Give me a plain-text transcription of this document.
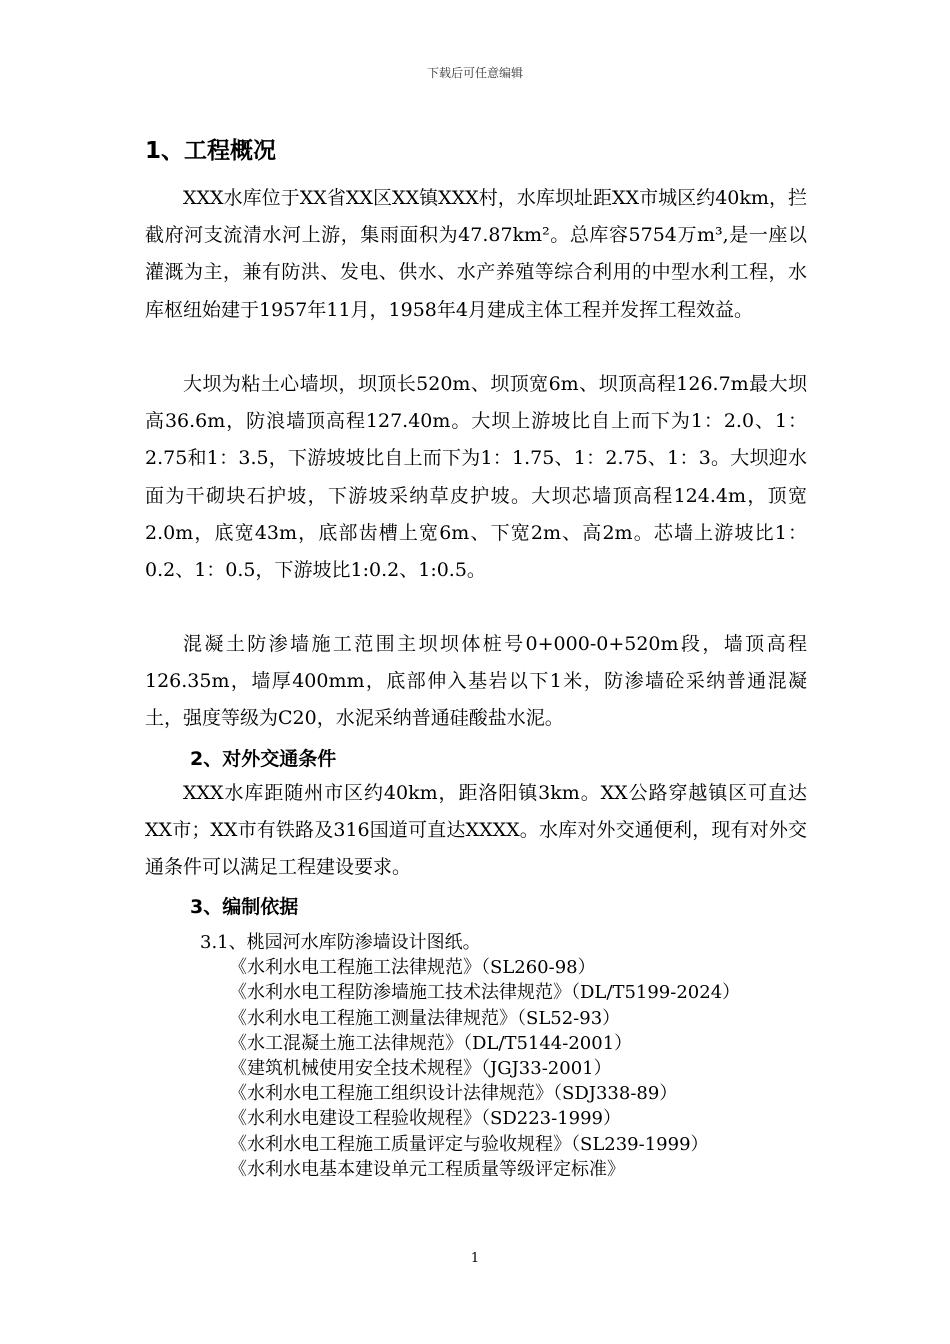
下载后可任意编辑
1、工程概况

XXX水库位于XX省XX区XX镇XXX村，水库坝址距XX市城区约40km，拦截府河支流清水河上游，集雨面积为47.87km²。总库容5754万m³,是一座以灌溉为主，兼有防洪、发电、供水、水产养殖等综合利用的中型水利工程，水库枢纽始建于1957年11月，1958年4月建成主体工程并发挥工程效益。

大坝为粘土心墙坝，坝顶长520m、坝顶宽6m、坝顶高程126.7m最大坝高36.6m，防浪墙顶高程127.40m。大坝上游坡比自上而下为1：2.0、1：2.75和1：3.5，下游坡坡比自上而下为1：1.75、1：2.75、1：3。大坝迎水面为干砌块石护坡，下游坡采纳草皮护坡。大坝芯墙顶高程124.4m，顶宽2.0m，底宽43m，底部齿槽上宽6m、下宽2m、高2m。芯墙上游坡比1：0.2、1：0.5，下游坡比1:0.2、1:0.5。

混凝土防渗墙施工范围主坝坝体桩号0+000-0+520m段，墙顶高程126.35m，墙厚400mm，底部伸入基岩以下1米，防渗墙砼采纳普通混凝土，强度等级为C20，水泥采纳普通硅酸盐水泥。

2、对外交通条件

XXX水库距随州市区约40km，距洛阳镇3km。XX公路穿越镇区可直达XX市；XX市有铁路及316国道可直达XXXX。水库对外交通便利，现有对外交通条件可以满足工程建设要求。

3、编制依据
3.1、桃园河水库防渗墙设计图纸。
《水利水电工程施工法律规范》（SL260-98）
《水利水电工程防渗墙施工技术法律规范》（DL/T5199-2024）
《水利水电工程施工测量法律规范》（SL52-93）
《水工混凝土施工法律规范》（DL/T5144-2001）
《建筑机械使用安全技术规程》（JGJ33-2001）
《水利水电工程施工组织设计法律规范》（SDJ338-89）
《水利水电建设工程验收规程》（SD223-1999）
《水利水电工程施工质量评定与验收规程》（SL239-1999）
《水利水电基本建设单元工程质量等级评定标准》
1
